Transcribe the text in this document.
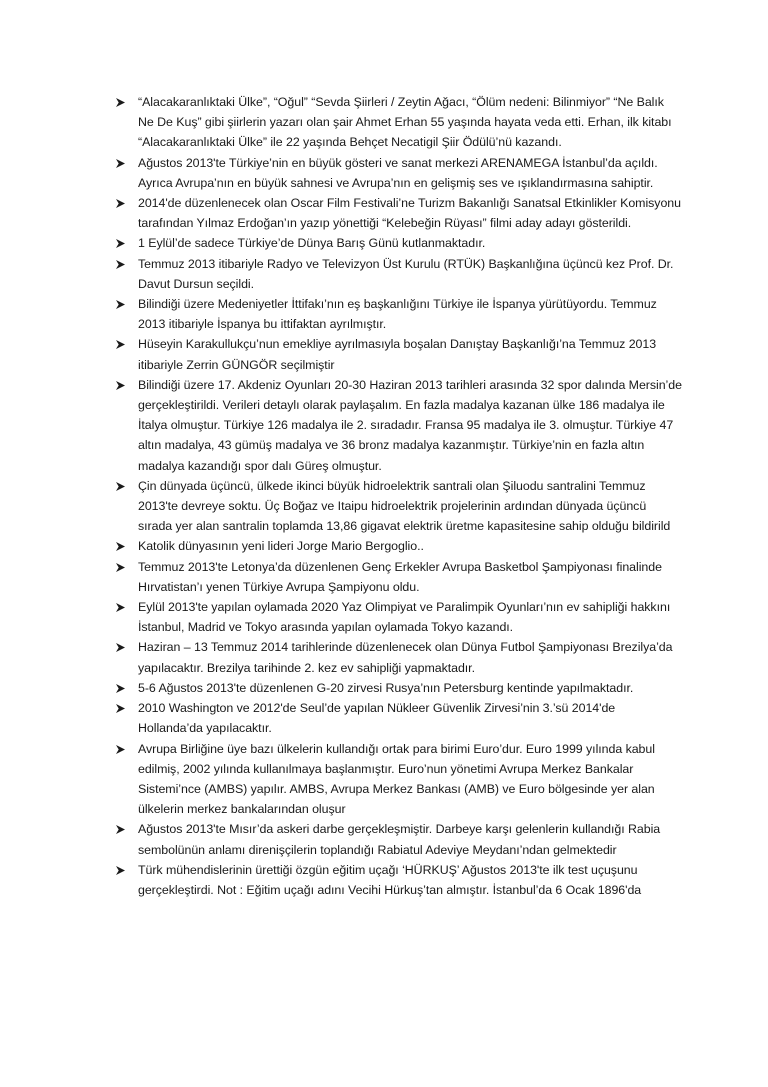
“Alacakaranlıktaki Ülke”, “Oğul” “Sevda Şiirleri / Zeytin Ağacı, “Ölüm nedeni: Bilinmiyor” “Ne Balık Ne De Kuş” gibi şiirlerin yazarı olan şair Ahmet Erhan 55 yaşında hayata veda etti. Erhan, ilk kitabı “Alacakaranlıktaki Ülke” ile 22 yaşında Behçet Necatigil Şiir Ödülü’nü kazandı.
Ağustos 2013'te Türkiye’nin en büyük gösteri ve sanat merkezi ARENAMEGA İstanbul’da açıldı. Ayrıca Avrupa’nın en büyük sahnesi ve Avrupa’nın en gelişmiş ses ve ışıklandırmasına sahiptir.
2014'de düzenlenecek olan Oscar Film Festivali’ne Turizm Bakanlığı Sanatsal Etkinlikler Komisyonu tarafından Yılmaz Erdoğan’ın yazıp yönettiği “Kelebeğin Rüyası” filmi aday adayı gösterildi.
1 Eylül’de sadece Türkiye’de Dünya Barış Günü kutlanmaktadır.
Temmuz 2013 itibariyle Radyo ve Televizyon Üst Kurulu (RTÜK) Başkanlığına üçüncü kez Prof. Dr. Davut Dursun seçildi.
Bilindiği üzere Medeniyetler İttifakı’nın eş başkanlığını Türkiye ile İspanya yürütüyordu. Temmuz 2013 itibariyle İspanya bu ittifaktan ayrılmıştır.
Hüseyin Karakullukçu’nun emekliye ayrılmasıyla boşalan Danıştay Başkanlığı’na Temmuz 2013 itibariyle Zerrin GÜNGÖR seçilmiştir
Bilindiği üzere 17. Akdeniz Oyunları 20-30 Haziran 2013 tarihleri arasında 32 spor dalında Mersin’de gerçekleştirildi. Verileri detaylı olarak paylaşalım. En fazla madalya kazanan ülke 186 madalya ile İtalya olmuştur. Türkiye 126 madalya ile 2. sıradadır. Fransa 95 madalya ile 3. olmuştur. Türkiye 47 altın madalya, 43 gümüş madalya ve 36 bronz madalya kazanmıştır. Türkiye’nin en fazla altın madalya kazandığı spor dalı Güreş olmuştur.
Çin dünyada üçüncü, ülkede ikinci büyük hidroelektrik santrali olan Şiluodu santralini Temmuz 2013'te devreye soktu. Üç Boğaz ve Itaipu hidroelektrik projelerinin ardından dünyada üçüncü sırada yer alan santralin toplamda 13,86 gigavat elektrik üretme kapasitesine sahip olduğu bildirild
Katolik dünyasının yeni lideri Jorge Mario Bergoglio..
Temmuz 2013'te Letonya’da düzenlenen Genç Erkekler Avrupa Basketbol Şampiyonası finalinde Hırvatistan’ı yenen Türkiye Avrupa Şampiyonu oldu.
Eylül 2013'te yapılan oylamada 2020 Yaz Olimpiyat ve Paralimpik Oyunları’nın ev sahipliği hakkını İstanbul, Madrid ve Tokyo arasında yapılan oylamada Tokyo kazandı.
Haziran – 13 Temmuz 2014 tarihlerinde düzenlenecek olan Dünya Futbol Şampiyonası Brezilya’da yapılacaktır. Brezilya tarihinde 2. kez ev sahipliği yapmaktadır.
5-6 Ağustos 2013'te düzenlenen G-20 zirvesi Rusya’nın Petersburg kentinde yapılmaktadır.
2010 Washington ve 2012'de Seul’de yapılan Nükleer Güvenlik Zirvesi’nin 3.’sü 2014'de Hollanda’da yapılacaktır.
Avrupa Birliğine üye bazı ülkelerin kullandığı ortak para birimi Euro’dur. Euro 1999 yılında kabul edilmiş, 2002 yılında kullanılmaya başlanmıştır. Euro’nun yönetimi Avrupa Merkez Bankalar Sistemi’nce (AMBS) yapılır. AMBS, Avrupa Merkez Bankası (AMB) ve Euro bölgesinde yer alan ülkelerin merkez bankalarından oluşur
Ağustos 2013'te Mısır’da askeri darbe gerçekleşmiştir. Darbeye karşı gelenlerin kullandığı Rabia sembolünün anlamı direnişçilerin toplandığı Rabiatul Adeviye Meydanı’ndan gelmektedir
Türk mühendislerinin ürettiği özgün eğitim uçağı ‘HÜRKUŞ’ Ağustos 2013'te ilk test uçuşunu gerçekleştirdi. Not : Eğitim uçağı adını Vecihi Hürkuş’tan almıştır. İstanbul’da 6 Ocak 1896'da
